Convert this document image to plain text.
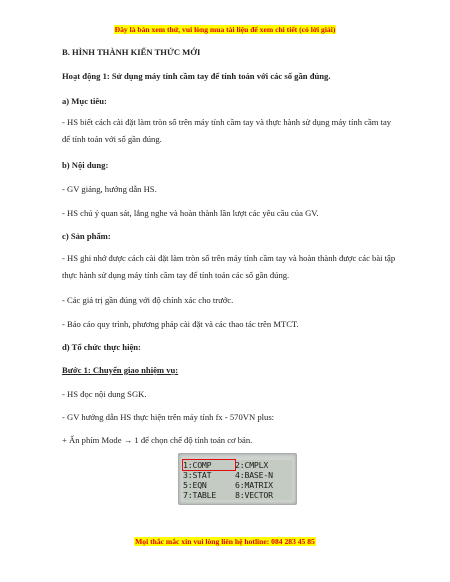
Đây là bản xem thử, vui lòng mua tài liệu để xem chi tiết (có lời giải)
B. HÌNH THÀNH KIẾN THỨC MỚI
Hoạt động 1: Sử dụng máy tính cầm tay để tính toán với các số gần đúng.
a) Mục tiêu:
- HS biết cách cài đặt làm tròn số trên máy tính cầm tay và thực hành sử dụng máy tính cầm tay để tính toán với số gần đúng.
b) Nội dung:
- GV giảng, hướng dẫn HS.
- HS chú ý quan sát, lắng nghe và hoàn thành lần lượt các yêu cầu của GV.
c) Sản phẩm:
- HS ghi nhớ được cách cài đặt làm tròn số trên máy tính cầm tay và hoàn thành được các bài tập thực hành sử dụng máy tính cầm tay để tính toán các số gần đúng.
- Các giá trị gần đúng với độ chính xác cho trước.
- Báo cáo quy trình, phương pháp cài đặt và các thao tác trên MTCT.
d) Tổ chức thực hiện:
Bước 1: Chuyển giao nhiệm vụ:
- HS đọc nội dung SGK.
- GV hướng dẫn HS thực hiện trên máy tính fx - 570VN plus:
+ Ấn phím Mode → 1 để chọn chế độ tính toán cơ bản.
1:COMP	2:CMPLX
3:STAT	4:BASE-N
5:EQN	6:MATRIX
7:TABLE	8:VECTOR
Mọi thắc mắc xin vui lòng liên hệ hotline: 084 283 45 85
